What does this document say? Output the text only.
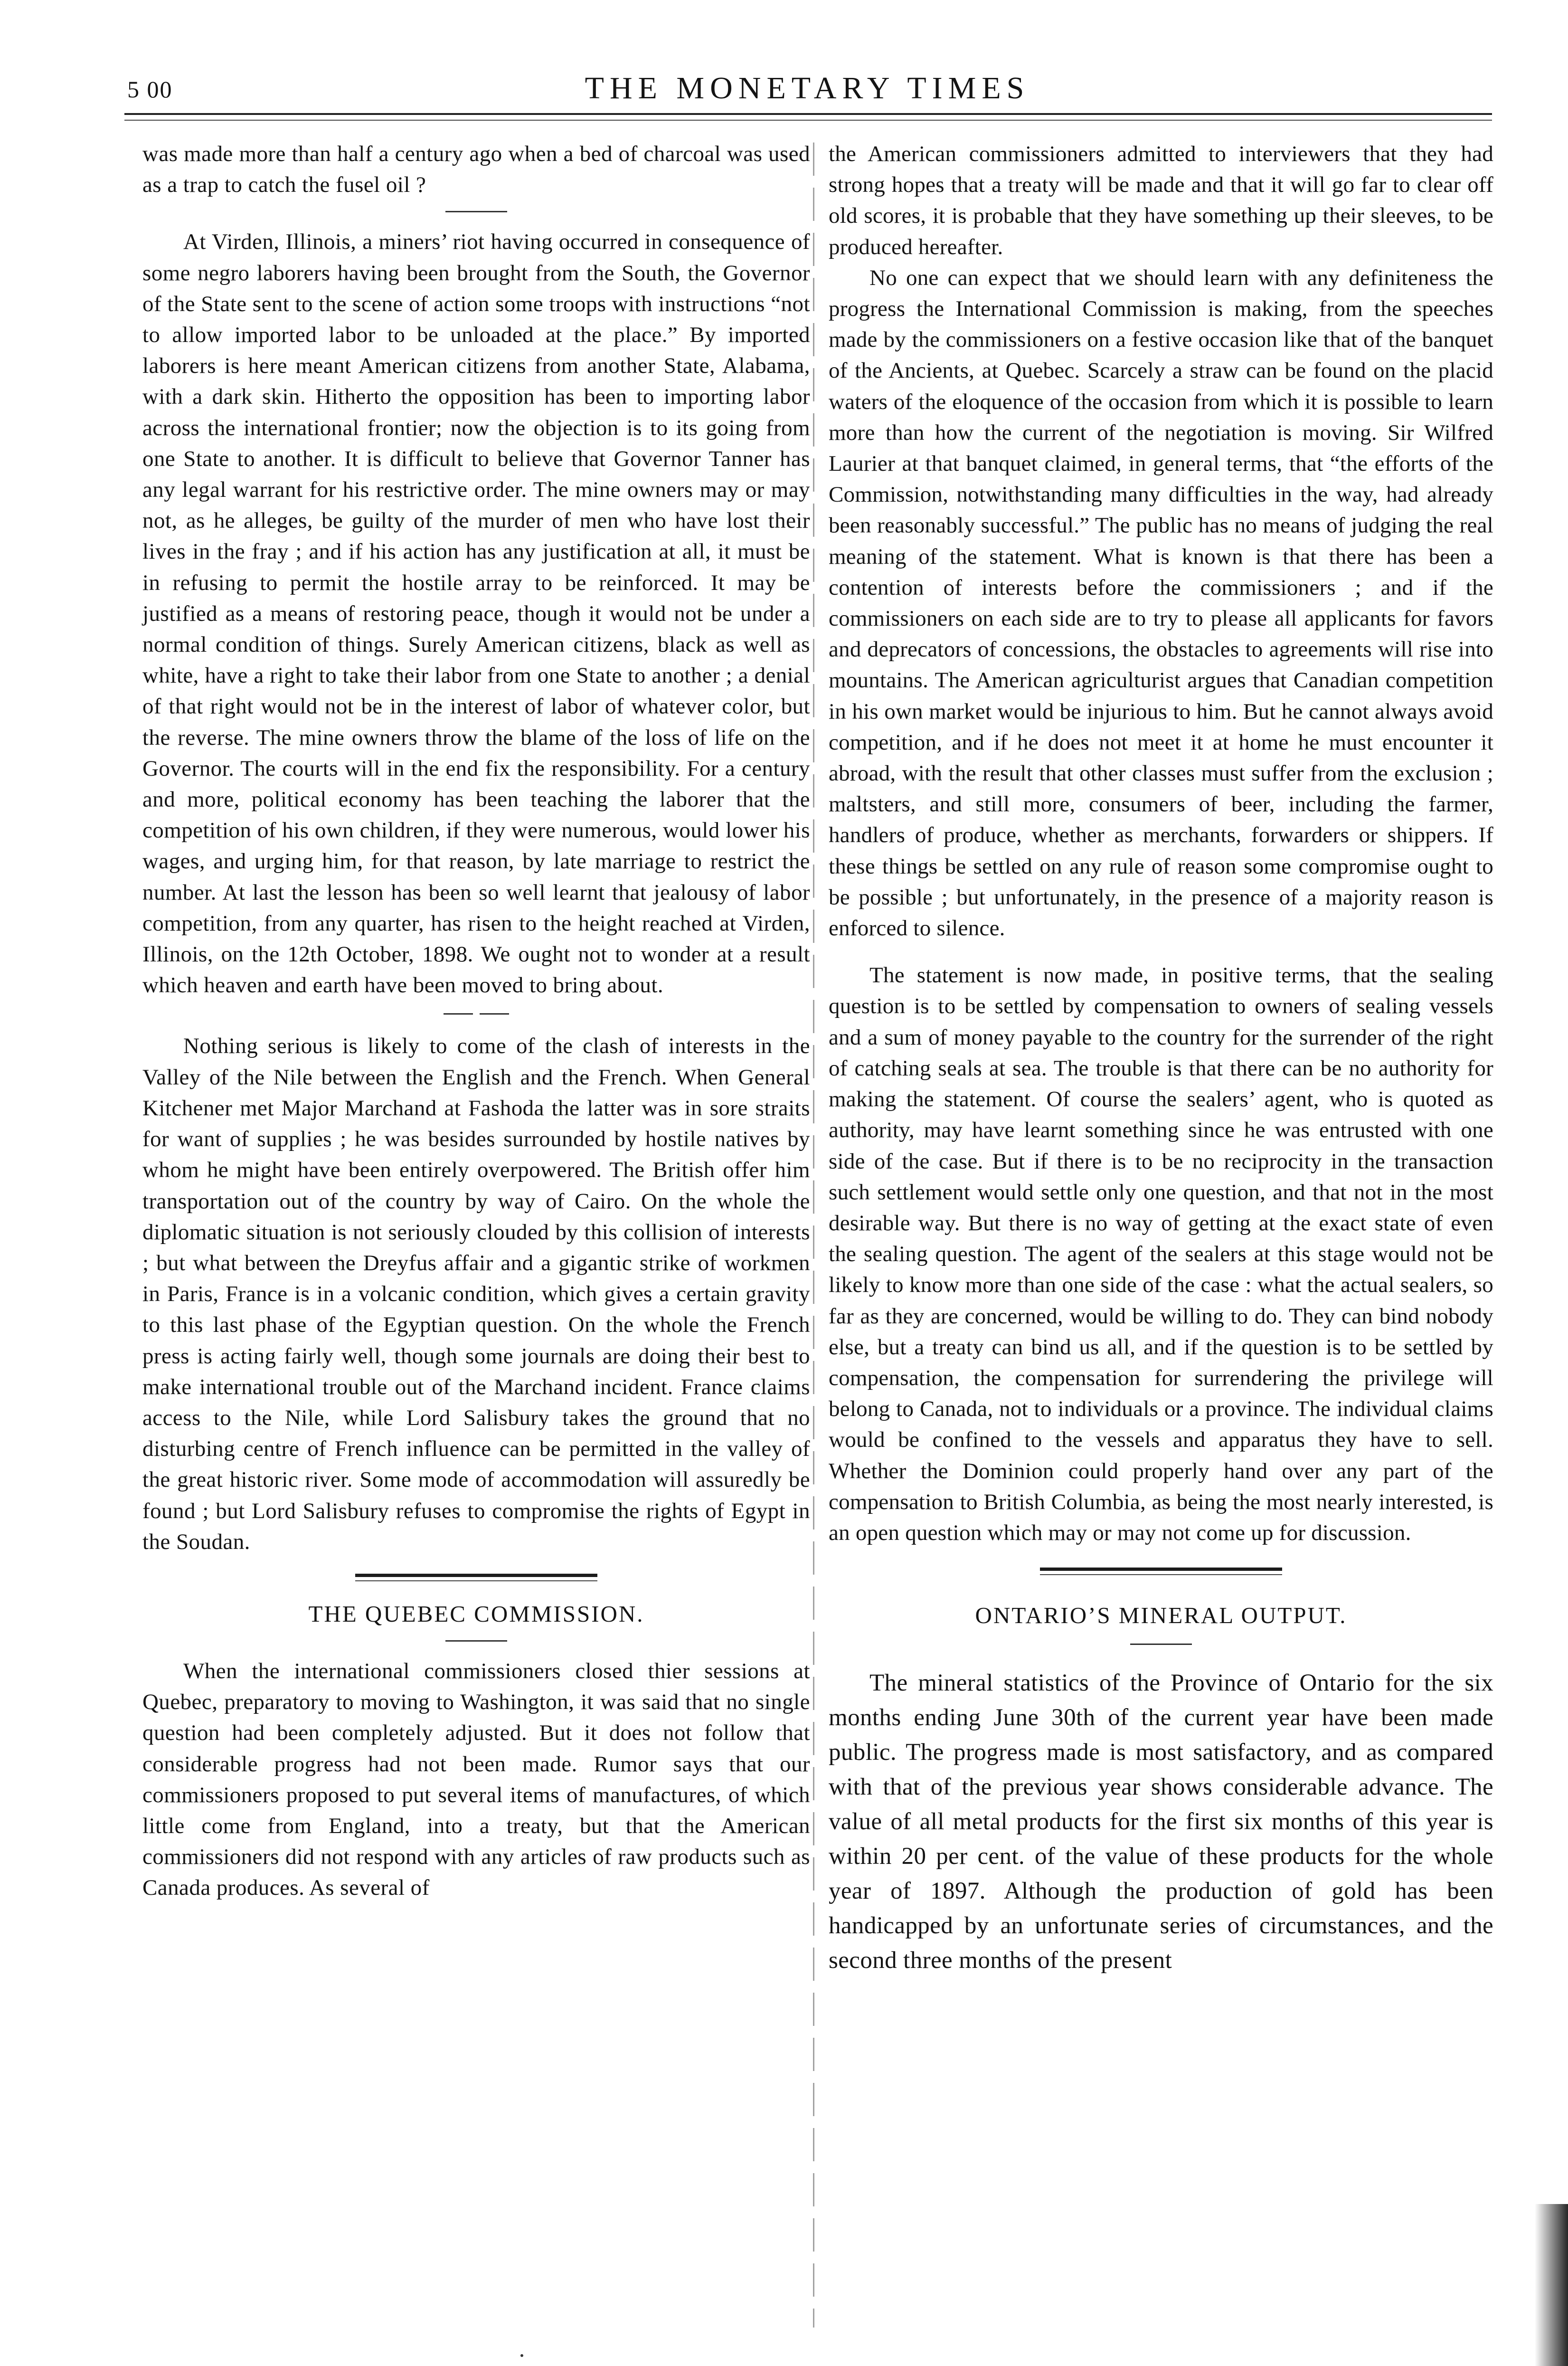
5 00	THE MONETARY TIMES

was made more than half a century ago when a bed of charcoal was used as a trap to catch the fusel oil ?

At Virden, Illinois, a miners’ riot having occurred in consequence of some negro laborers having been brought from the South, the Governor of the State sent to the scene of action some troops with instructions “not to allow imported labor to be unloaded at the place.” By imported laborers is here meant American citizens from another State, Alabama, with a dark skin. Hitherto the opposition has been to importing labor across the international frontier; now the objection is to its going from one State to another. It is difficult to believe that Governor Tanner has any legal warrant for his restrictive order. The mine owners may or may not, as he alleges, be guilty of the murder of men who have lost their lives in the fray ; and if his action has any justification at all, it must be in refusing to permit the hostile array to be reinforced. It may be justified as a means of restoring peace, though it would not be under a normal condition of things. Surely American citizens, black as well as white, have a right to take their labor from one State to another ; a denial of that right would not be in the interest of labor of whatever color, but the reverse. The mine owners throw the blame of the loss of life on the Governor. The courts will in the end fix the responsibility. For a century and more, political economy has been teaching the laborer that the competition of his own children, if they were numerous, would lower his wages, and urging him, for that reason, by late marriage to restrict the number. At last the lesson has been so well learnt that jealousy of labor competition, from any quarter, has risen to the height reached at Virden, Illinois, on the 12th October, 1898. We ought not to wonder at a result which heaven and earth have been moved to bring about.

Nothing serious is likely to come of the clash of interests in the Valley of the Nile between the English and the French. When General Kitchener met Major Marchand at Fashoda the latter was in sore straits for want of supplies ; he was besides surrounded by hostile natives by whom he might have been entirely overpowered. The British offer him transportation out of the country by way of Cairo. On the whole the diplomatic situation is not seriously clouded by this collision of interests ; but what between the Dreyfus affair and a gigantic strike of workmen in Paris, France is in a volcanic condition, which gives a certain gravity to this last phase of the Egyptian question. On the whole the French press is acting fairly well, though some journals are doing their best to make international trouble out of the Marchand incident. France claims access to the Nile, while Lord Salisbury takes the ground that no disturbing centre of French influence can be permitted in the valley of the great historic river. Some mode of accommodation will assuredly be found ; but Lord Salisbury refuses to compromise the rights of Egypt in the Soudan.

THE QUEBEC COMMISSION.

When the international commissioners closed thier sessions at Quebec, preparatory to moving to Washington, it was said that no single question had been completely adjusted. But it does not follow that considerable progress had not been made. Rumor says that our commissioners proposed to put several items of manufactures, of which little come from England, into a treaty, but that the American commissioners did not respond with any articles of raw products such as Canada produces. As several of

the American commissioners admitted to interviewers that they had strong hopes that a treaty will be made and that it will go far to clear off old scores, it is probable that they have something up their sleeves, to be produced hereafter.

No one can expect that we should learn with any definiteness the progress the International Commission is making, from the speeches made by the commissioners on a festive occasion like that of the banquet of the Ancients, at Quebec. Scarcely a straw can be found on the placid waters of the eloquence of the occasion from which it is possible to learn more than how the current of the negotiation is moving. Sir Wilfred Laurier at that banquet claimed, in general terms, that “the efforts of the Commission, notwithstanding many difficulties in the way, had already been reasonably successful.” The public has no means of judging the real meaning of the statement. What is known is that there has been a contention of interests before the commissioners ; and if the commissioners on each side are to try to please all applicants for favors and deprecators of concessions, the obstacles to agreements will rise into mountains. The American agriculturist argues that Canadian competition in his own market would be injurious to him. But he cannot always avoid competition, and if he does not meet it at home he must encounter it abroad, with the result that other classes must suffer from the exclusion ; maltsters, and still more, consumers of beer, including the farmer, handlers of produce, whether as merchants, forwarders or shippers. If these things be settled on any rule of reason some compromise ought to be possible ; but unfortunately, in the presence of a majority reason is enforced to silence.

The statement is now made, in positive terms, that the sealing question is to be settled by compensation to owners of sealing vessels and a sum of money payable to the country for the surrender of the right of catching seals at sea. The trouble is that there can be no authority for making the statement. Of course the sealers’ agent, who is quoted as authority, may have learnt something since he was entrusted with one side of the case. But if there is to be no reciprocity in the transaction such settlement would settle only one question, and that not in the most desirable way. But there is no way of getting at the exact state of even the sealing question. The agent of the sealers at this stage would not be likely to know more than one side of the case : what the actual sealers, so far as they are concerned, would be willing to do. They can bind nobody else, but a treaty can bind us all, and if the question is to be settled by compensation, the compensation for surrendering the privilege will belong to Canada, not to individuals or a province. The individual claims would be confined to the vessels and apparatus they have to sell. Whether the Dominion could properly hand over any part of the compensation to British Columbia, as being the most nearly interested, is an open question which may or may not come up for discussion.

ONTARIO’S MINERAL OUTPUT.

The mineral statistics of the Province of Ontario for the six months ending June 30th of the current year have been made public. The progress made is most satisfactory, and as compared with that of the previous year shows considerable advance. The value of all metal products for the first six months of this year is within 20 per cent. of the value of these products for the whole year of 1897. Although the production of gold has been handicapped by an unfortunate series of circumstances, and the second three months of the present
